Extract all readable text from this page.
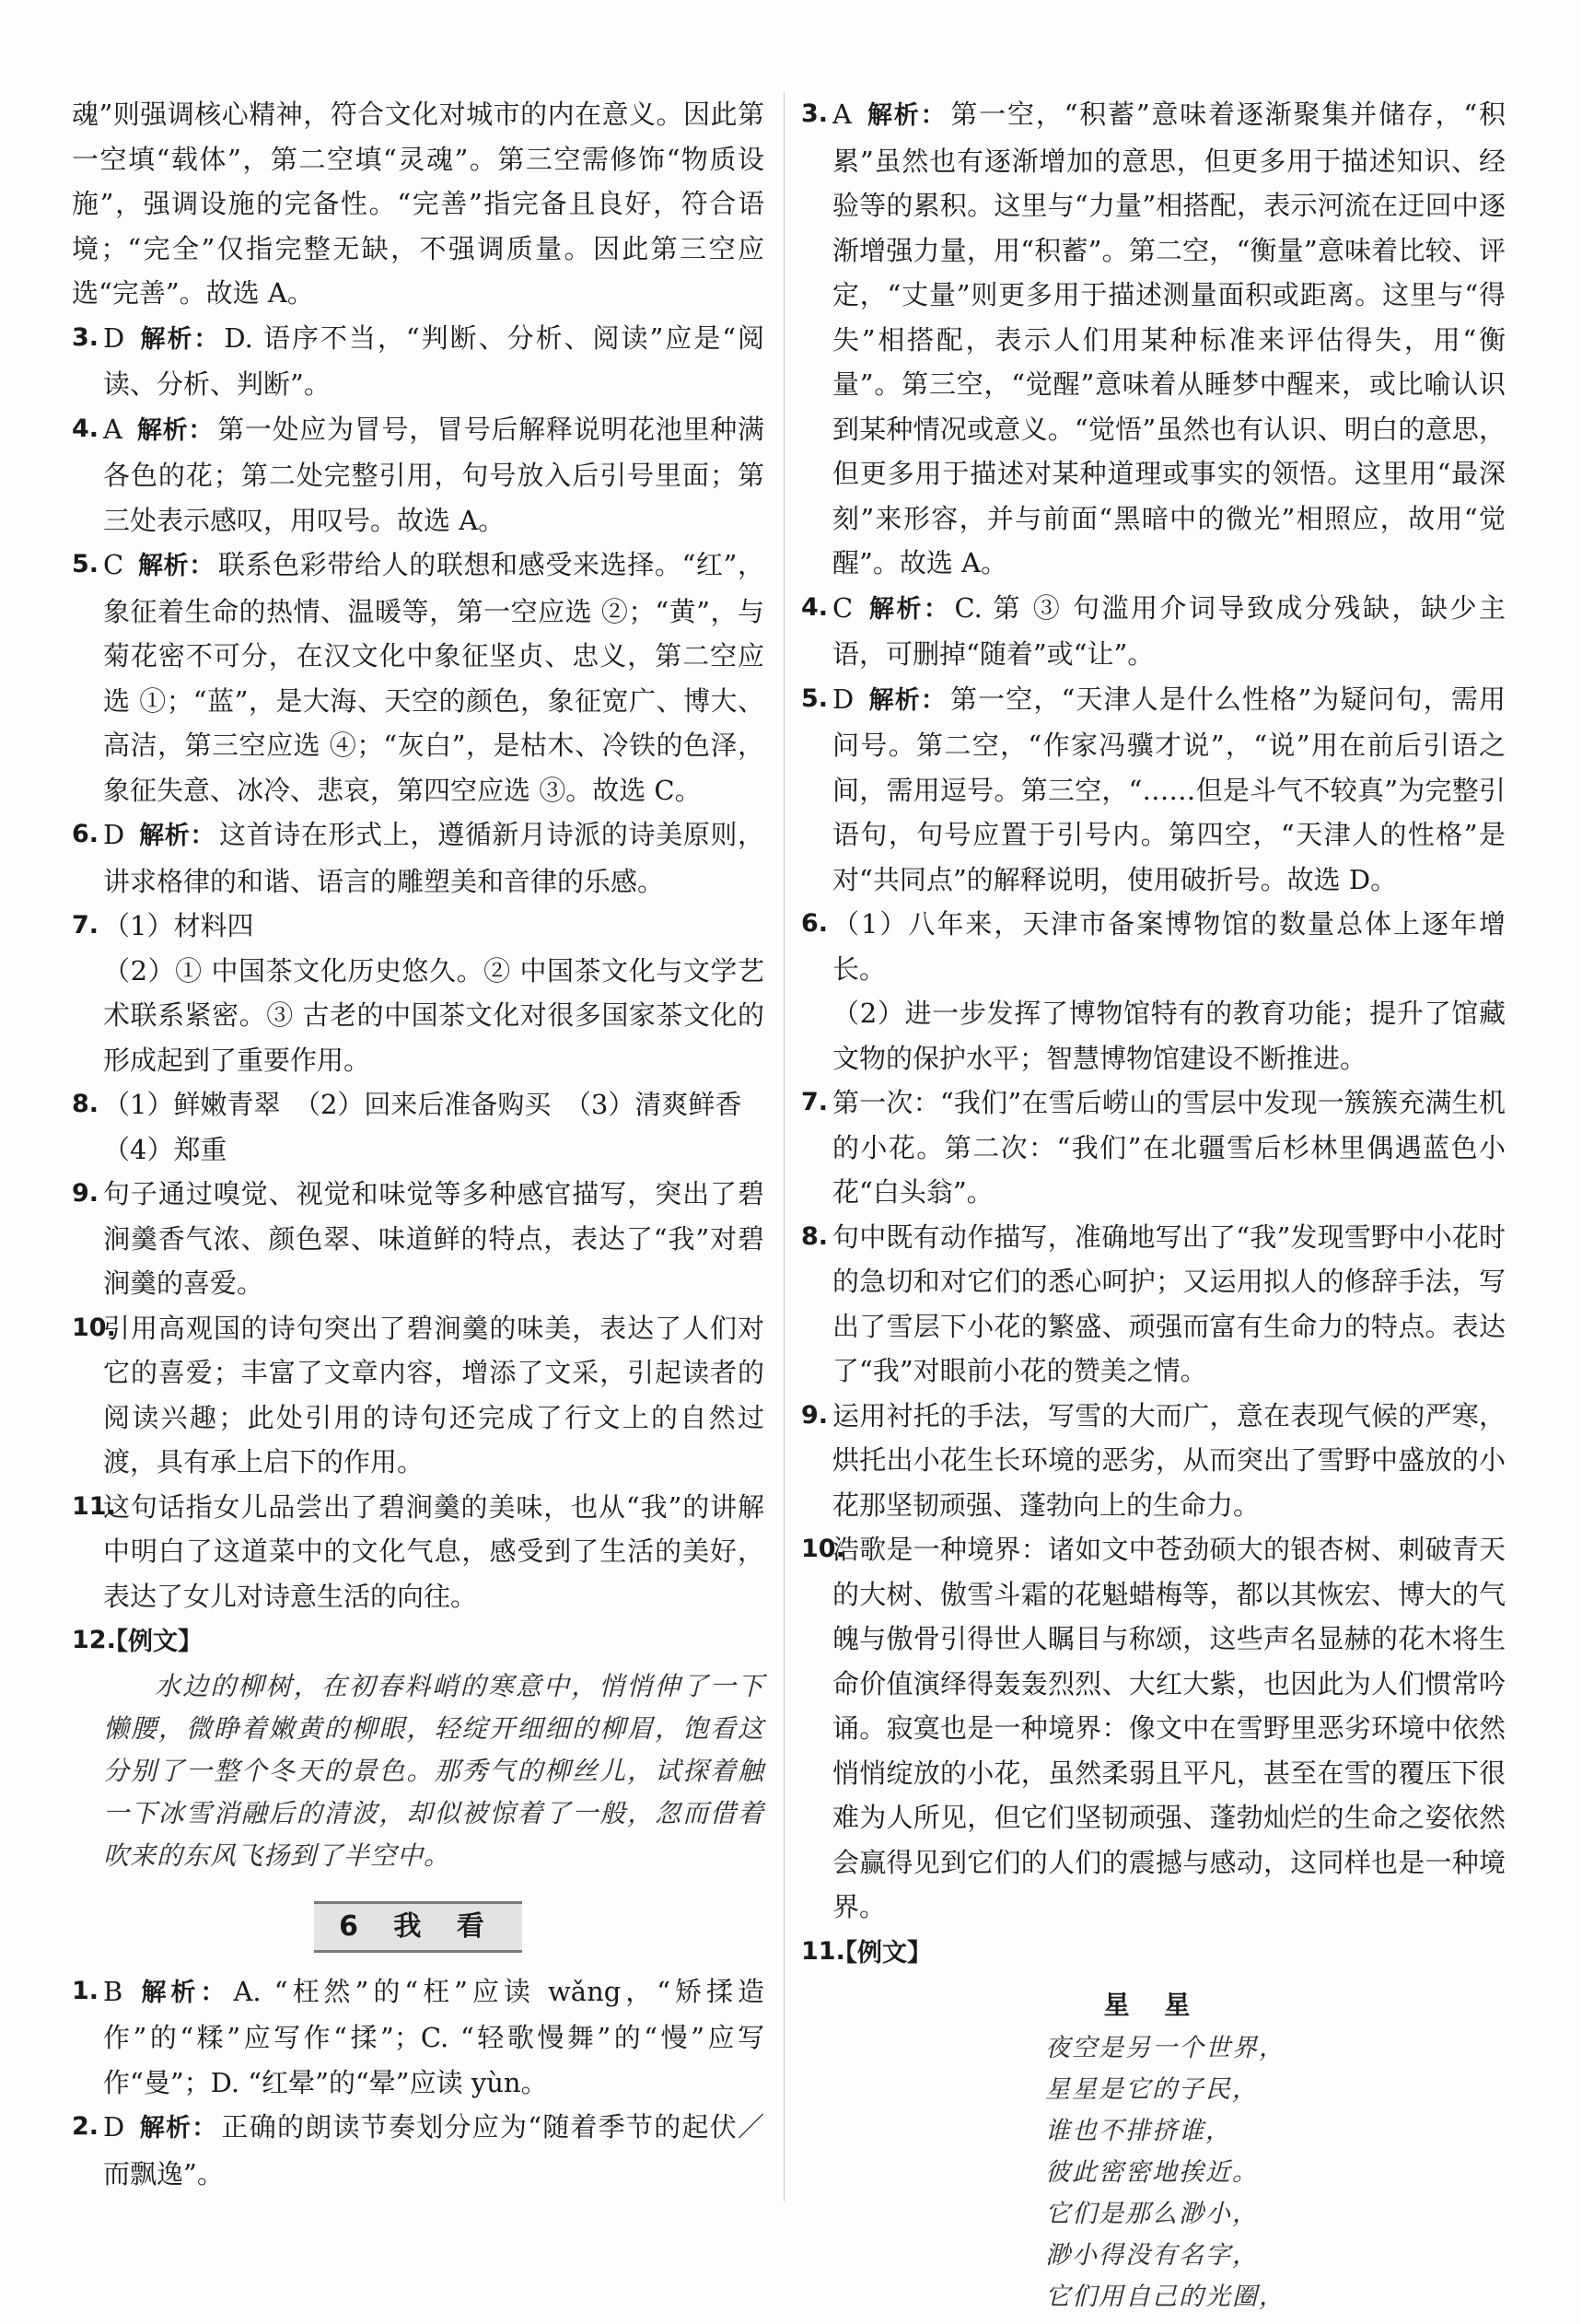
魂”则强调核心精神，符合文化对城市的内在意义。因此第一空填“载体”，第二空填“灵魂”。第三空需修饰“物质设施”，强调设施的完备性。“完善”指完备且良好，符合语境；“完全”仅指完整无缺，不强调质量。因此第三空应选“完善”。故选 A。

3. D 解析： D. 语序不当，“判断、分析、阅读”应是“阅读、分析、判断”。
4. A 解析： 第一处应为冒号，冒号后解释说明花池里种满各色的花；第二处完整引用，句号放入后引号里面；第三处表示感叹，用叹号。故选 A。
5. C 解析： 联系色彩带给人的联想和感受来选择。“红”，象征着生命的热情、温暖等，第一空应选 ②；“黄”，与菊花密不可分，在汉文化中象征坚贞、忠义，第二空应选 ①；“蓝”，是大海、天空的颜色，象征宽广、博大、高洁，第三空应选 ④；“灰白”，是枯木、冷铁的色泽，象征失意、冰冷、悲哀，第四空应选 ③。故选 C。
6. D 解析： 这首诗在形式上，遵循新月诗派的诗美原则，讲求格律的和谐、语言的雕塑美和音律的乐感。
7. （1）材料四

（2）① 中国茶文化历史悠久。② 中国茶文化与文学艺术联系紧密。③ 古老的中国茶文化对很多国家茶文化的形成起到了重要作用。

8. （1）鲜嫩青翠　（2）回来后准备购买　（3）清爽鲜香

（4）郑重

9. 句子通过嗅觉、视觉和味觉等多种感官描写，突出了碧涧羹香气浓、颜色翠、味道鲜的特点，表达了“我”对碧涧羹的喜爱。
10.
引用高观国的诗句突出了碧涧羹的味美，表达了人们对它的喜爱；丰富了文章内容，增添了文采，引起读者的阅读兴趣；此处引用的诗句还完成了行文上的自然过渡，具有承上启下的作用。
11.
这句话指女儿品尝出了碧涧羹的美味，也从“我”的讲解中明白了这道菜中的文化气息，感受到了生活的美好，表达了女儿对诗意生活的向往。
12.
【例文】

水边的柳树，在初春料峭的寒意中，悄悄伸了一下懒腰，微睁着嫩黄的柳眼，轻绽开细细的柳眉，饱看这分别了一整个冬天的景色。那秀气的柳丝儿，试探着触一下冰雪消融后的清波，却似被惊着了一般，忽而借着吹来的东风飞扬到了半空中。

6 我 看
1. B 解析： A. “枉然”的“枉”应读 wǎng，“矫揉造作”的“糅”应写作“揉”；C. “轻歌慢舞”的“慢”应写作“曼”；D. “红晕”的“晕”应读 yùn。
2. D 解析： 正确的朗读节奏划分应为“随着季节的起伏／而飘逸”。
3. A 解析： 第一空，“积蓄”意味着逐渐聚集并储存，“积累”虽然也有逐渐增加的意思，但更多用于描述知识、经验等的累积。这里与“力量”相搭配，表示河流在迂回中逐渐增强力量，用“积蓄”。第二空，“衡量”意味着比较、评定，“丈量”则更多用于描述测量面积或距离。这里与“得失”相搭配，表示人们用某种标准来评估得失，用“衡量”。第三空，“觉醒”意味着从睡梦中醒来，或比喻认识到某种情况或意义。“觉悟”虽然也有认识、明白的意思，但更多用于描述对某种道理或事实的领悟。这里用“最深刻”来形容，并与前面“黑暗中的微光”相照应，故用“觉醒”。故选 A。
4. C 解析： C. 第 ③ 句滥用介词导致成分残缺，缺少主语，可删掉“随着”或“让”。
5. D 解析： 第一空，“天津人是什么性格”为疑问句，需用问号。第二空，“作家冯骥才说”，“说”用在前后引语之间，需用逗号。第三空，“……但是斗气不较真”为完整引语句，句号应置于引号内。第四空，“天津人的性格”是对“共同点”的解释说明，使用破折号。故选 D。
6. （1）八年来，天津市备案博物馆的数量总体上逐年增长。

（2）进一步发挥了博物馆特有的教育功能；提升了馆藏文物的保护水平；智慧博物馆建设不断推进。

7. 第一次：“我们”在雪后崂山的雪层中发现一簇簇充满生机的小花。第二次：“我们”在北疆雪后杉林里偶遇蓝色小花“白头翁”。
8. 句中既有动作描写，准确地写出了“我”发现雪野中小花时的急切和对它们的悉心呵护；又运用拟人的修辞手法，写出了雪层下小花的繁盛、顽强而富有生命力的特点。表达了“我”对眼前小花的赞美之情。
9. 运用衬托的手法，写雪的大而广，意在表现气候的严寒，烘托出小花生长环境的恶劣，从而突出了雪野中盛放的小花那坚韧顽强、蓬勃向上的生命力。
10.
浩歌是一种境界：诸如文中苍劲硕大的银杏树、刺破青天的大树、傲雪斗霜的花魁蜡梅等，都以其恢宏、博大的气魄与傲骨引得世人瞩目与称颂，这些声名显赫的花木将生命价值演绎得轰轰烈烈、大红大紫，也因此为人们惯常吟诵。寂寞也是一种境界：像文中在雪野里恶劣环境中依然悄悄绽放的小花，虽然柔弱且平凡，甚至在雪的覆压下很难为人所见，但它们坚韧顽强、蓬勃灿烂的生命之姿依然会赢得见到它们的人们的震撼与感动，这同样也是一种境界。
11.
【例文】
星 星

夜空是另一个世界，

星星是它的子民，

谁也不排挤谁，

彼此密密地挨近。

它们是那么渺小，

渺小得没有名字，

它们用自己的光圈，
